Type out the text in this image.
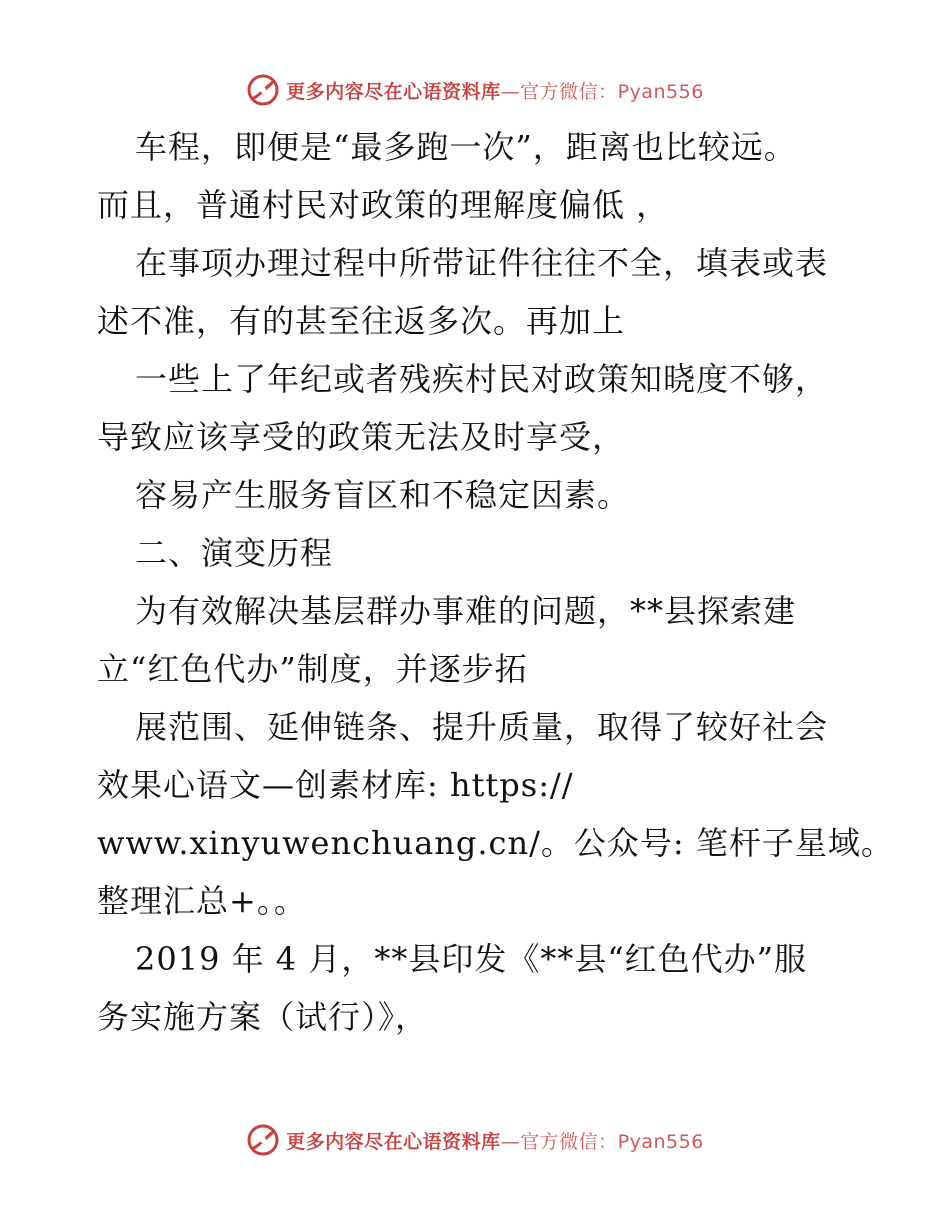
更多内容尽在心语资料库—官方微信：Pyan556
车程，即便是“最多跑一次”，距离也比较远。
而且，普通村民对政策的理解度偏低 ，
在事项办理过程中所带证件往往不全，填表或表
述不准，有的甚至往返多次。再加上
一些上了年纪或者残疾村民对政策知晓度不够，
导致应该享受的政策无法及时享受，
容易产生服务盲区和不稳定因素。
二、演变历程
为有效解决基层群办事难的问题，**县探索建
立“红色代办”制度，并逐步拓
展范围、延伸链条、提升质量，取得了较好社会
效果心语文—创素材库: https://
www.xinyuwenchuang.cn/。公众号: 笔杆子星域。
整理汇总+。。
2019 年 4 月，**县印发《**县“红色代办”服
务实施方案（试行）》，
更多内容尽在心语资料库—官方微信：Pyan556
